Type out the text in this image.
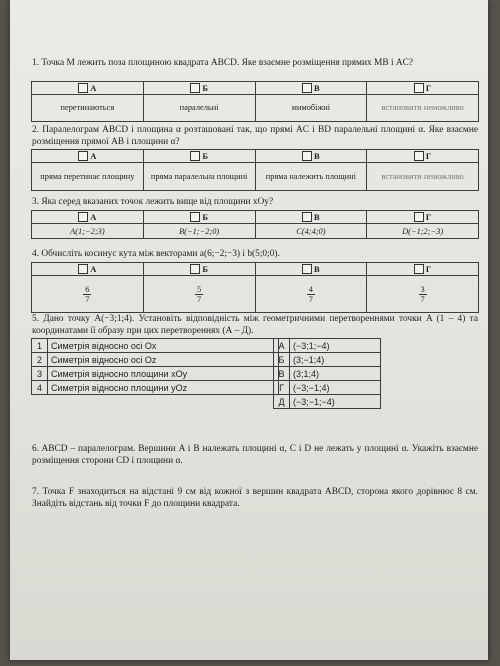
1. Точка M лежить поза площиною квадрата ABCD. Яке взаємне розміщення прямих MB і AC?
А	Б	В	Г
перетинаються	паралельні	мимобіжні	встановити неможливо
2. Паралелограм ABCD і площина α розташовані так, що прямі AC і BD паралельні площині α. Яке взаємне розміщення прямої AB і площини α?
А	Б	В	Г
пряма перетинає площину	пряма паралельна площині	пряма належить площині	встановити неможливо
3. Яка серед вказаних точок лежить вище від площини xOy?
А	Б	В	Г
A(1;−2;3)	B(−1;−2;0)	C(4;4;0)	D(−1;2;−3)
4. Обчисліть косинус кута між векторами a(6;−2;−3) і b(5;0;0).
А	Б	В	Г

$\frac{6}{7}$	$\frac{5}{7}$	$\frac{4}{7}$	$\frac{3}{7}$
5. Дано точку A(−3;1;4). Установіть відповідність між геометричними перетвореннями точки A (1 – 4) та координатами її образу при цих перетвореннях (А – Д).
1	Симетрія відносно осі Ox
2	Симетрія відносно осі Oz
3	Симетрія відносно площини xOy
4	Симетрія відносно площини yOz
А	(−3;1;−4)
Б	(3;−1;4)
В	(3;1;4)
Г	(−3;−1;4)
Д	(−3;−1;−4)
6. ABCD – паралелограм. Вершини A і B належать площині α, C і D не лежать у площині α. Укажіть взаємне розміщення сторони CD і площини α.
7. Точка F знаходиться на відстані 9 см від кожної з вершин квадрата ABCD, сторона якого дорівнює 8 см. Знайдіть відстань від точки F до площини квадрата.
